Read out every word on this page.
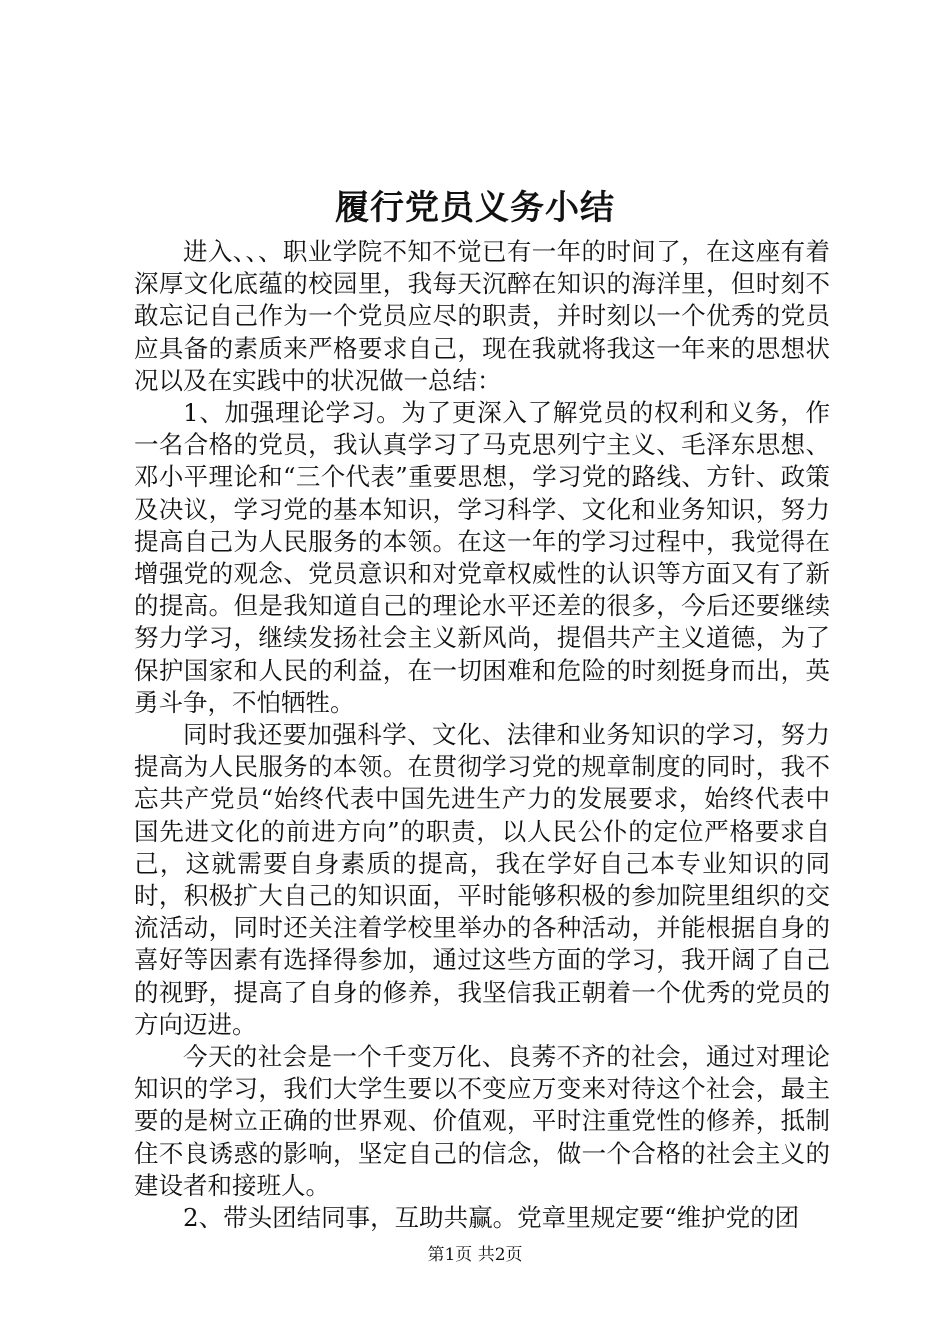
履行党员义务小结

进入、、、职业学院不知不觉已有一年的时间了，在这座有着深厚文化底蕴的校园里，我每天沉醉在知识的海洋里，但时刻不敢忘记自己作为一个党员应尽的职责，并时刻以一个优秀的党员应具备的素质来严格要求自己，现在我就将我这一年来的思想状况以及在实践中的状况做一总结：

1、加强理论学习。为了更深入了解党员的权利和义务，作一名合格的党员，我认真学习了马克思列宁主义、毛泽东思想、邓小平理论和“三个代表”重要思想，学习党的路线、方针、政策及决议，学习党的基本知识，学习科学、文化和业务知识，努力提高自己为人民服务的本领。在这一年的学习过程中，我觉得在增强党的观念、党员意识和对党章权威性的认识等方面又有了新的提高。但是我知道自己的理论水平还差的很多，今后还要继续努力学习，继续发扬社会主义新风尚，提倡共产主义道德，为了保护国家和人民的利益，在一切困难和危险的时刻挺身而出，英勇斗争，不怕牺牲。

同时我还要加强科学、文化、法律和业务知识的学习，努力提高为人民服务的本领。在贯彻学习党的规章制度的同时，我不忘共产党员“始终代表中国先进生产力的发展要求，始终代表中国先进文化的前进方向”的职责，以人民公仆的定位严格要求自己，这就需要自身素质的提高，我在学好自己本专业知识的同时，积极扩大自己的知识面，平时能够积极的参加院里组织的交流活动，同时还关注着学校里举办的各种活动，并能根据自身的喜好等因素有选择得参加，通过这些方面的学习，我开阔了自己的视野，提高了自身的修养，我坚信我正朝着一个优秀的党员的方向迈进。

今天的社会是一个千变万化、良莠不齐的社会，通过对理论知识的学习，我们大学生要以不变应万变来对待这个社会，最主要的是树立正确的世界观、价值观，平时注重党性的修养，抵制住不良诱惑的影响，坚定自己的信念，做一个合格的社会主义的建设者和接班人。

2、带头团结同事，互助共赢。党章里规定要“维护党的团

第1页 共2页
